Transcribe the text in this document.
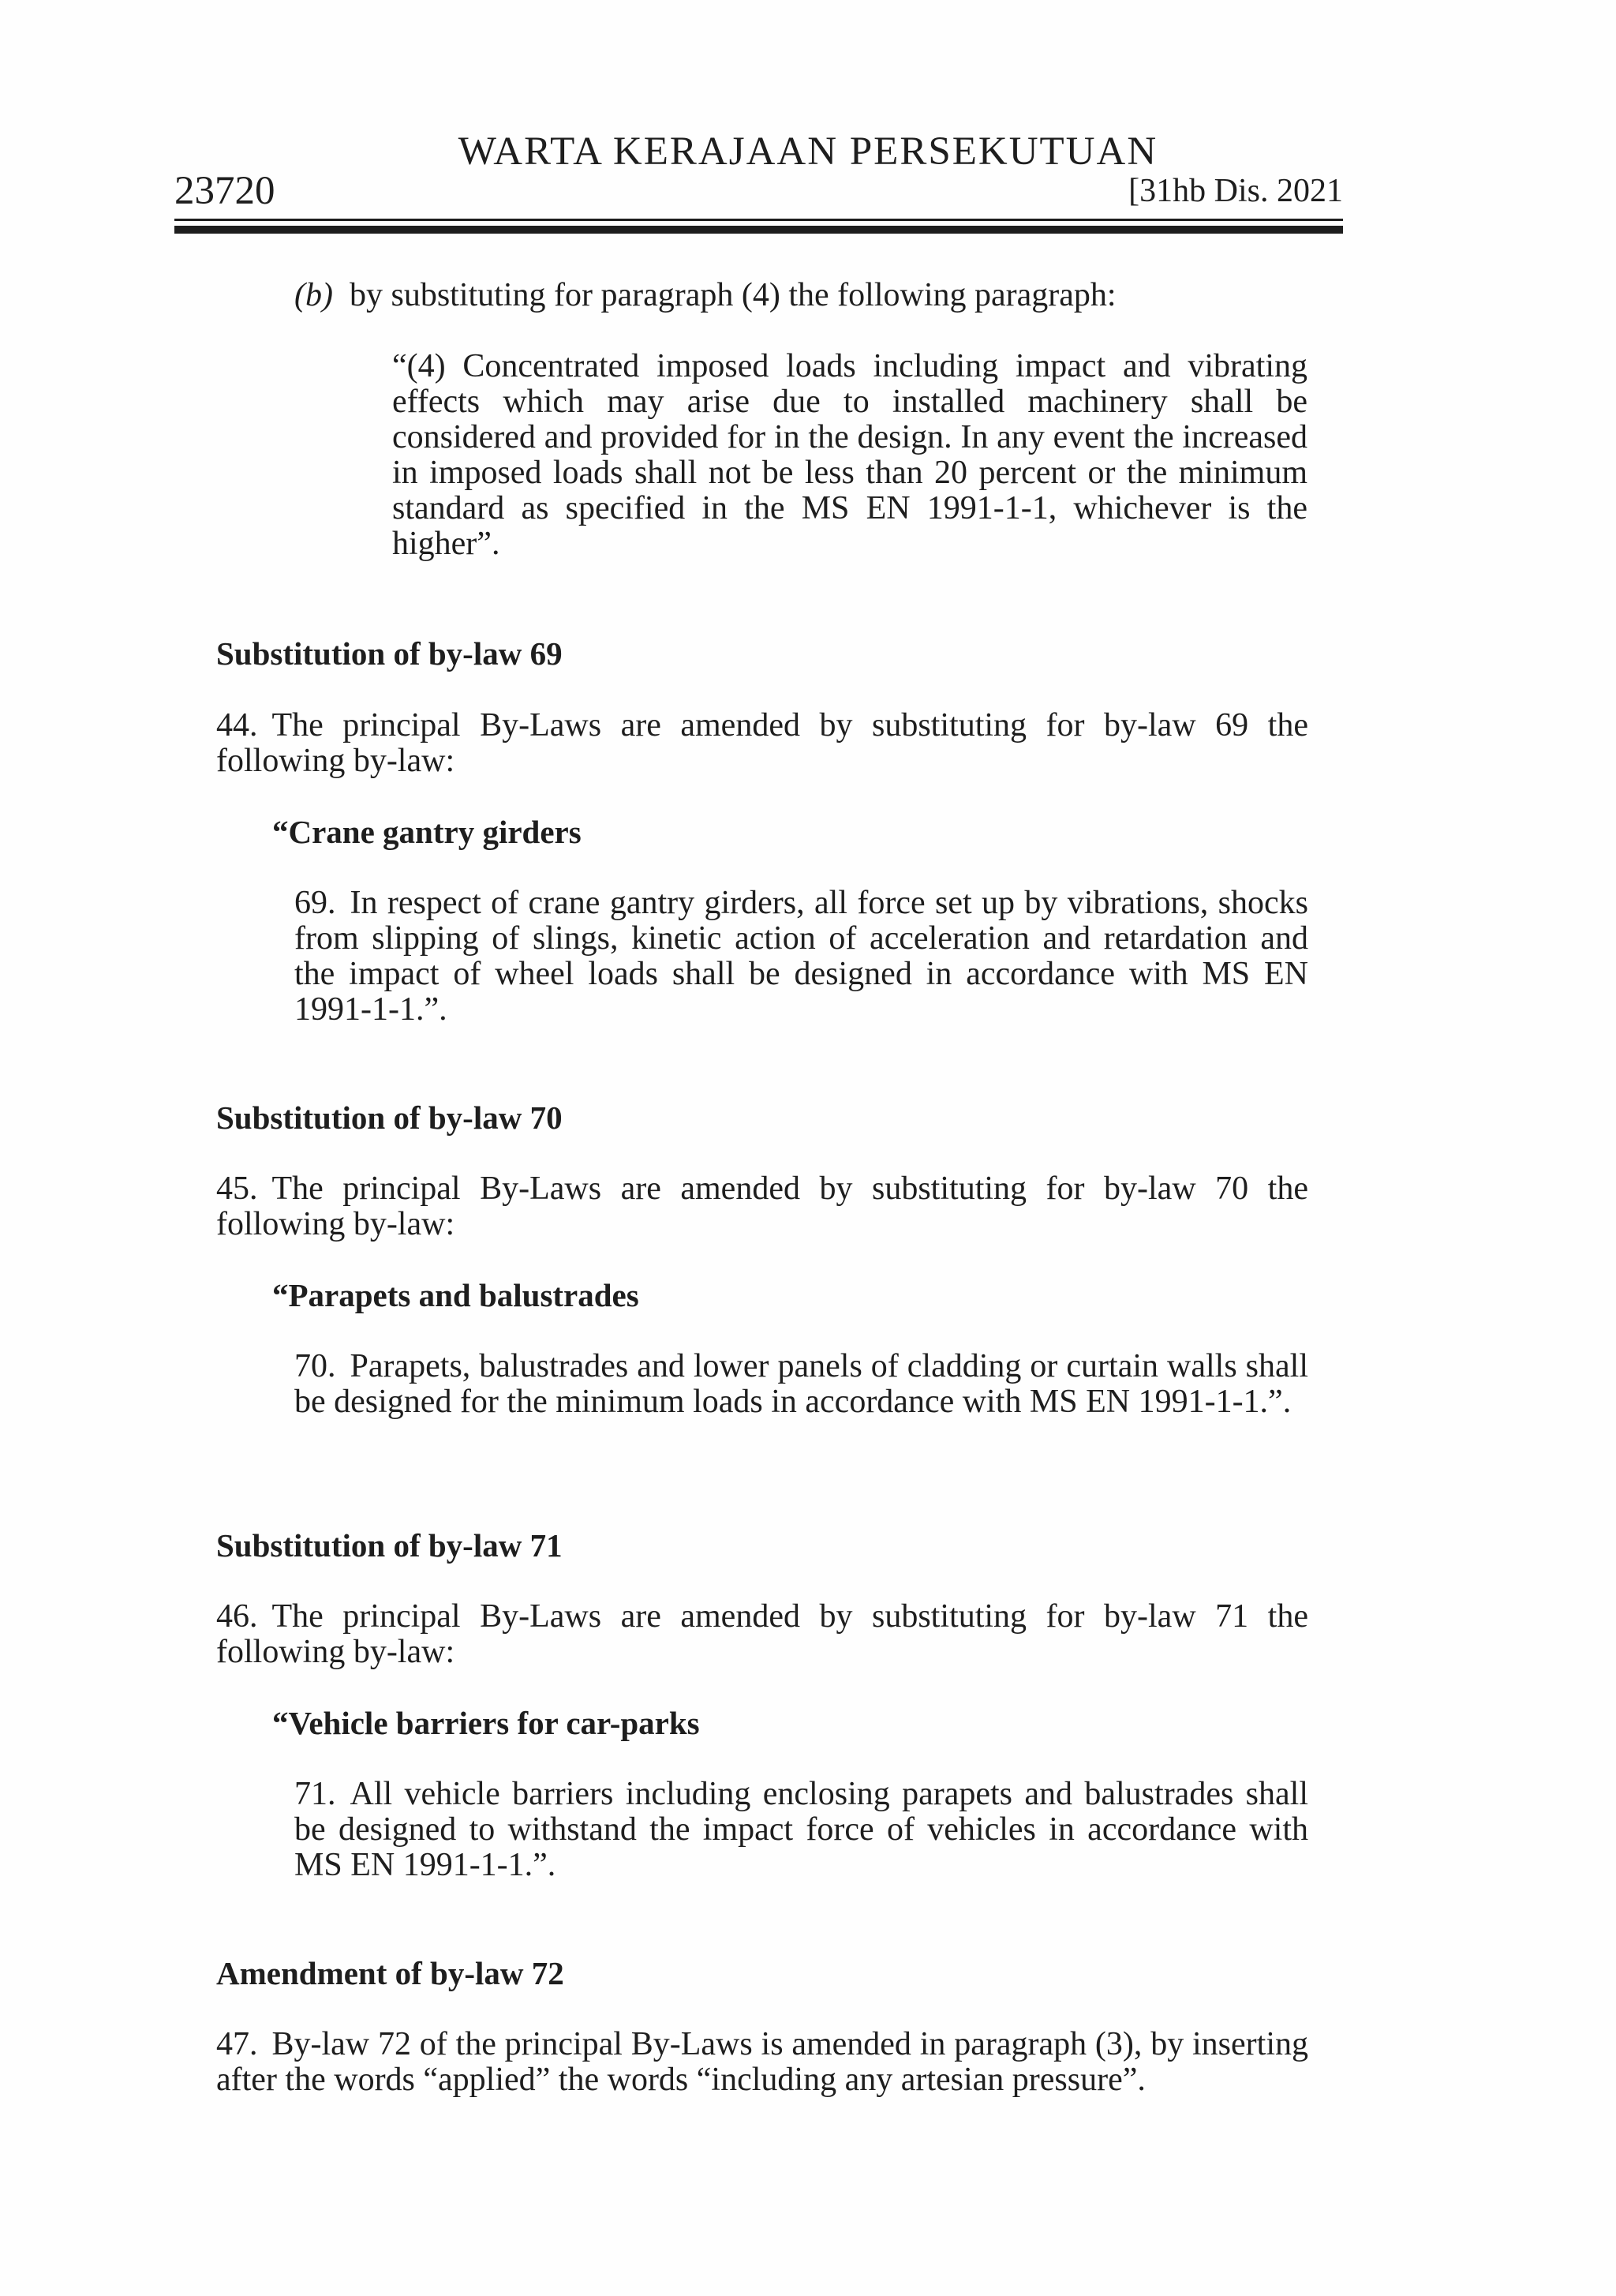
WARTA KERAJAAN PERSEKUTUAN
23720	[31hb Dis. 2021

(b) by substituting for paragraph (4) the following paragraph:

“(4) Concentrated imposed loads including impact and vibrating effects which may arise due to installed machinery shall be considered and provided for in the design. In any event the increased in imposed loads shall not be less than 20 percent or the minimum standard as specified in the MS EN 1991-1-1, whichever is the higher”.

Substitution of by-law 69

44. The principal By-Laws are amended by substituting for by-law 69 the following by-law:

“Crane gantry girders

69. In respect of crane gantry girders, all force set up by vibrations, shocks from slipping of slings, kinetic action of acceleration and retardation and the impact of wheel loads shall be designed in accordance with MS EN 1991-1-1.”.

Substitution of by-law 70

45. The principal By-Laws are amended by substituting for by-law 70 the following by-law:

“Parapets and balustrades

70. Parapets, balustrades and lower panels of cladding or curtain walls shall be designed for the minimum loads in accordance with MS EN 1991-1-1.”.

Substitution of by-law 71

46. The principal By-Laws are amended by substituting for by-law 71 the following by-law:

“Vehicle barriers for car-parks

71. All vehicle barriers including enclosing parapets and balustrades shall be designed to withstand the impact force of vehicles in accordance with MS EN 1991-1-1.”.

Amendment of by-law 72

47. By-law 72 of the principal By-Laws is amended in paragraph (3), by inserting after the words “applied” the words “including any artesian pressure”.
